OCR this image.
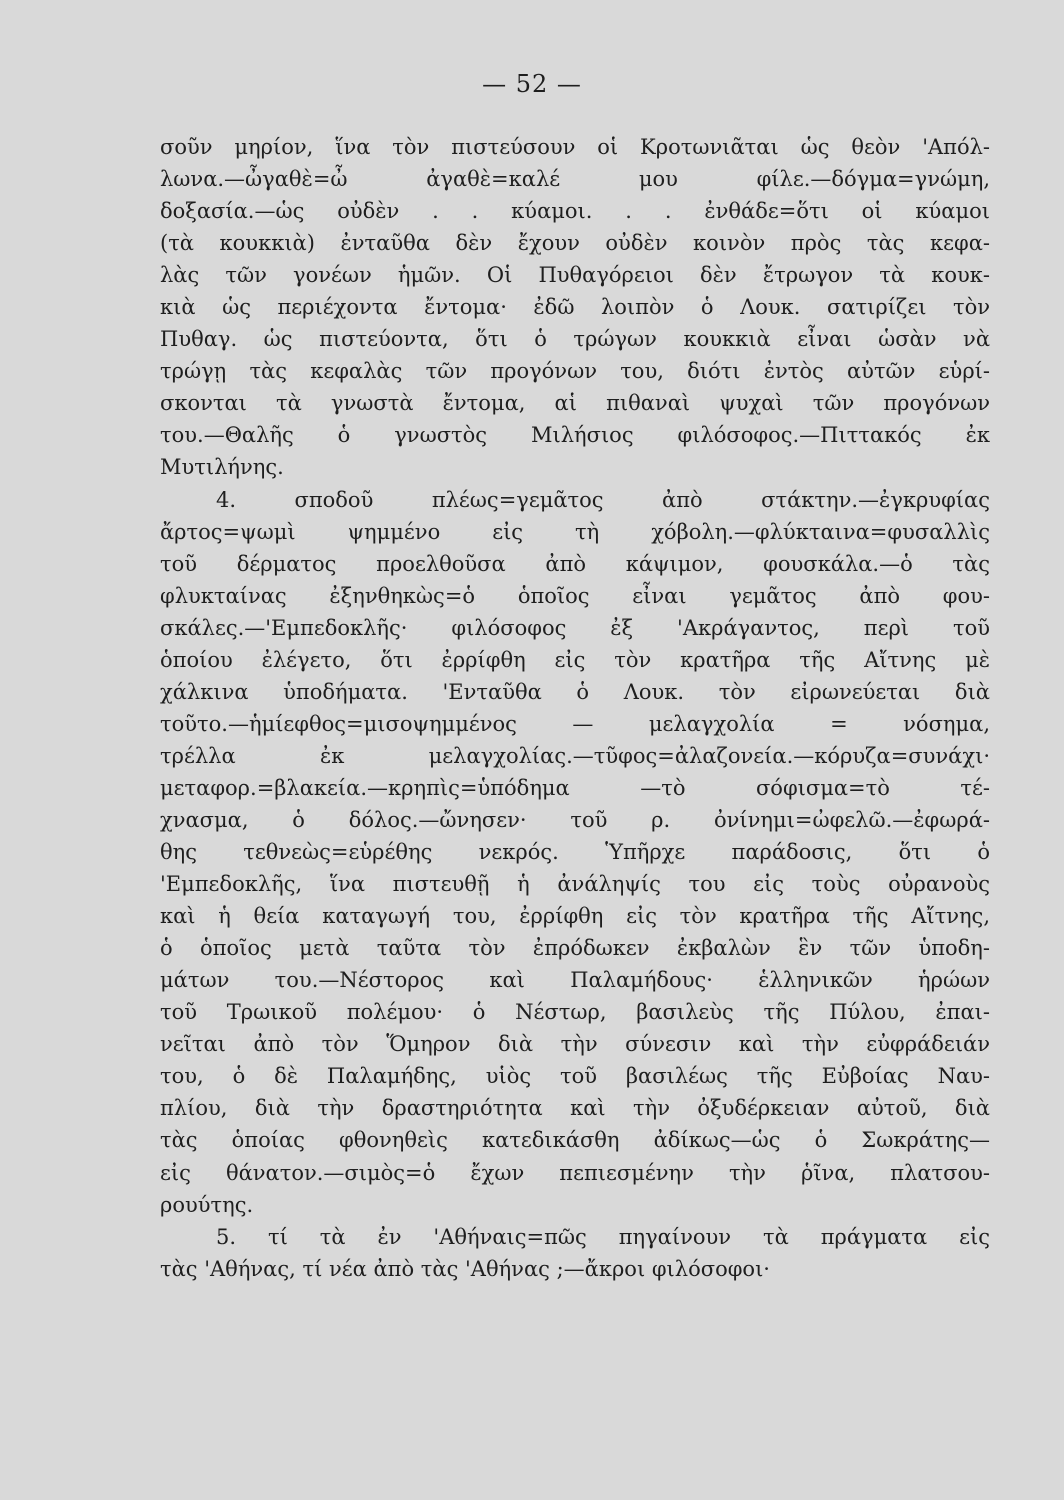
— 52 —
σοῦν μηρίον, ἵνα τὸν πιστεύσουν οἱ Κροτωνιᾶται ὡς θεὸν 'Απόλ-
λωνα.—ὦγαθὲ=ὦ ἀγαθὲ=καλέ μου φίλε.—δόγμα=γνώμη,
δοξασία.—ὡς οὐδὲν . . κύαμοι. . . ἐνθάδε=ὅτι οἱ κύαμοι
(τὰ κουκκιὰ) ἐνταῦθα δὲν ἔχουν οὐδὲν κοινὸν πρὸς τὰς κεφα-
λὰς τῶν γονέων ἡμῶν. Οἱ Πυθαγόρειοι δὲν ἔτρωγον τὰ κουκ-
κιὰ ὡς περιέχοντα ἔντομα· ἐδῶ λοιπὸν ὁ Λουκ. σατιρίζει τὸν
Πυθαγ. ὡς πιστεύοντα, ὅτι ὁ τρώγων κουκκιὰ εἶναι ὡσὰν νὰ
τρώγῃ τὰς κεφαλὰς τῶν προγόνων του, διότι ἐντὸς αὐτῶν εὑρί-
σκονται τὰ γνωστὰ ἔντομα, αἱ πιθαναὶ ψυχαὶ τῶν προγόνων
του.—Θαλῆς ὁ γνωστὸς Μιλήσιος φιλόσοφος.—Πιττακός ἐκ
Μυτιλήνης.
4. σποδοῦ πλέως=γεμᾶτος ἀπὸ στάκτην.—ἐγκρυφίας
ἄρτος=ψωμὶ ψημμένο εἰς τὴ χόβολη.—φλύκταινα=φυσαλλὶς
τοῦ δέρματος προελθοῦσα ἀπὸ κάψιμον, φουσκάλα.—ὁ τὰς
φλυκταίνας ἐξηνθηκὼς=ὁ ὁποῖος εἶναι γεμᾶτος ἀπὸ φου-
σκάλες.—'Εμπεδοκλῆς· φιλόσοφος ἐξ 'Ακράγαντος, περὶ τοῦ
ὁποίου ἐλέγετο, ὅτι ἐρρίφθη εἰς τὸν κρατῆρα τῆς Αἴτνης μὲ
χάλκινα ὑποδήματα. 'Ενταῦθα ὁ Λουκ. τὸν εἰρωνεύεται διὰ
τοῦτο.—ἡμίεφθος=μισοψημμένος — μελαγχολία = νόσημα,
τρέλλα ἐκ μελαγχολίας.—τῦφος=ἀλαζονεία.—κόρυζα=συνάχι·
μεταφορ.=βλακεία.—κρηπὶς=ὑπόδημα —τὸ σόφισμα=τὸ τέ-
χνασμα, ὁ δόλος.—ὤνησεν· τοῦ ρ. ὀνίνημι=ὠφελῶ.—ἐφωρά-
θης τεθνεὼς=εὑρέθης νεκρός. Ὑπῆρχε παράδοσις, ὅτι ὁ
'Εμπεδοκλῆς, ἵνα πιστευθῇ ἡ ἀνάληψίς του εἰς τοὺς οὐρανοὺς
καὶ ἡ θεία καταγωγή του, ἐρρίφθη εἰς τὸν κρατῆρα τῆς Αἴτνης,
ὁ ὁποῖος μετὰ ταῦτα τὸν ἐπρόδωκεν ἐκβαλὼν ἓν τῶν ὑποδη-
μάτων του.—Νέστορος καὶ Παλαμήδους· ἑλληνικῶν ἡρώων
τοῦ Τρωικοῦ πολέμου· ὁ Νέστωρ, βασιλεὺς τῆς Πύλου, ἐπαι-
νεῖται ἀπὸ τὸν Ὅμηρον διὰ τὴν σύνεσιν καὶ τὴν εὐφράδειάν
του, ὁ δὲ Παλαμήδης, υἱὸς τοῦ βασιλέως τῆς Εὐβοίας Ναυ-
πλίου, διὰ τὴν δραστηριότητα καὶ τὴν ὀξυδέρκειαν αὐτοῦ, διὰ
τὰς ὁποίας φθονηθεὶς κατεδικάσθη ἀδίκως—ὡς ὁ Σωκράτης—
εἰς θάνατον.—σιμὸς=ὁ ἔχων πεπιεσμένην τὴν ῥῖνα, πλατσου-
ρουύτης.
5. τί τὰ ἐν 'Αθήναις=πῶς πηγαίνουν τὰ πράγματα εἰς
τὰς 'Αθήνας, τί νέα ἀπὸ τὰς 'Αθήνας ;—ἄκροι φιλόσοφοι·
